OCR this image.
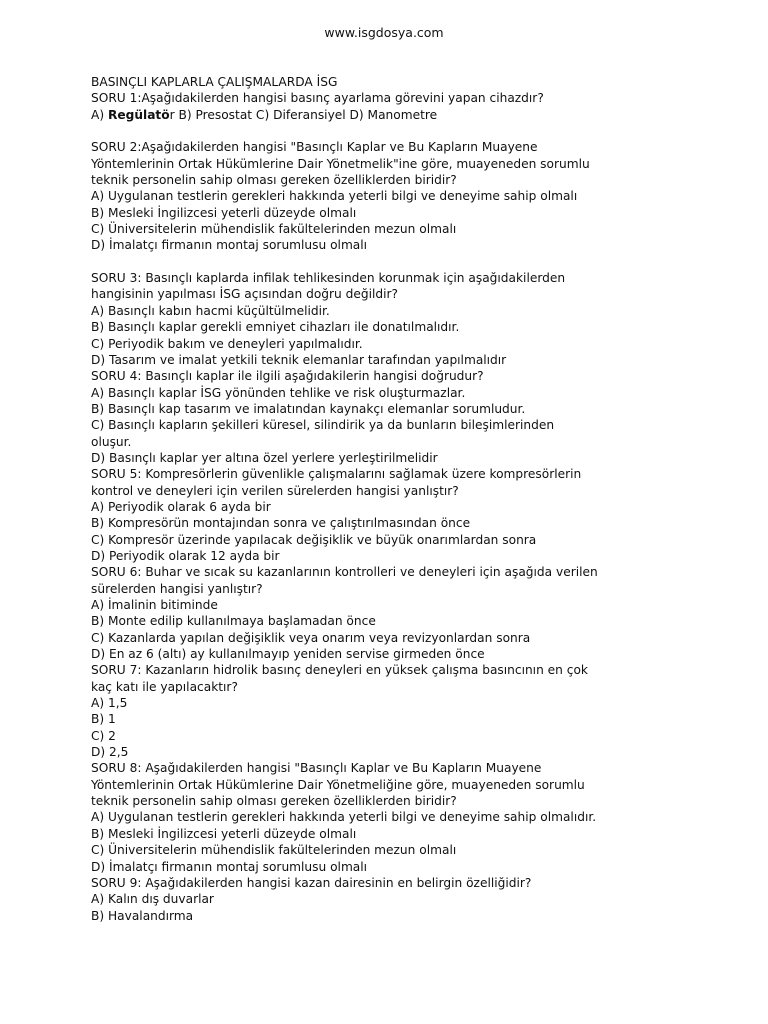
www.isgdosya.com
BASINÇLI KAPLARLA ÇALIŞMALARDA İSG
SORU 1:Aşağıdakilerden hangisi basınç ayarlama görevini yapan cihazdır?
A) Regülatör B) Presostat C) Diferansiyel D) Manometre
SORU 2:Aşağıdakilerden hangisi "Basınçlı Kaplar ve Bu Kapların Muayene
Yöntemlerinin Ortak Hükümlerine Dair Yönetmelik"ine göre, muayeneden sorumlu
teknik personelin sahip olması gereken özelliklerden biridir?
A) Uygulanan testlerin gerekleri hakkında yeterli bilgi ve deneyime sahip olmalı
B) Mesleki İngilizcesi yeterli düzeyde olmalı
C) Üniversitelerin mühendislik fakültelerinden mezun olmalı
D) İmalatçı firmanın montaj sorumlusu olmalı
SORU 3: Basınçlı kaplarda infilak tehlikesinden korunmak için aşağıdakilerden
hangisinin yapılması İSG açısından doğru değildir?
A) Basınçlı kabın hacmi küçültülmelidir.
B) Basınçlı kaplar gerekli emniyet cihazları ile donatılmalıdır.
C) Periyodik bakım ve deneyleri yapılmalıdır.
D) Tasarım ve imalat yetkili teknik elemanlar tarafından yapılmalıdır
SORU 4: Basınçlı kaplar ile ilgili aşağıdakilerin hangisi doğrudur?
A) Basınçlı kaplar İSG yönünden tehlike ve risk oluşturmazlar.
B) Basınçlı kap tasarım ve imalatından kaynakçı elemanlar sorumludur.
C) Basınçlı kapların şekilleri küresel, silindirik ya da bunların bileşimlerinden
oluşur.
D) Basınçlı kaplar yer altına özel yerlere yerleştirilmelidir
SORU 5: Kompresörlerin güvenlikle çalışmalarını sağlamak üzere kompresörlerin
kontrol ve deneyleri için verilen sürelerden hangisi yanlıştır?
A) Periyodik olarak 6 ayda bir
B) Kompresörün montajından sonra ve çalıştırılmasından önce
C) Kompresör üzerinde yapılacak değişiklik ve büyük onarımlardan sonra
D) Periyodik olarak 12 ayda bir
SORU 6: Buhar ve sıcak su kazanlarının kontrolleri ve deneyleri için aşağıda verilen
sürelerden hangisi yanlıştır?
A) İmalinin bitiminde
B) Monte edilip kullanılmaya başlamadan önce
C) Kazanlarda yapılan değişiklik veya onarım veya revizyonlardan sonra
D) En az 6 (altı) ay kullanılmayıp yeniden servise girmeden önce
SORU 7: Kazanların hidrolik basınç deneyleri en yüksek çalışma basıncının en çok
kaç katı ile yapılacaktır?
A) 1,5
B) 1
C) 2
D) 2,5
SORU 8: Aşağıdakilerden hangisi "Basınçlı Kaplar ve Bu Kapların Muayene
Yöntemlerinin Ortak Hükümlerine Dair Yönetmeliğine göre, muayeneden sorumlu
teknik personelin sahip olması gereken özelliklerden biridir?
A) Uygulanan testlerin gerekleri hakkında yeterli bilgi ve deneyime sahip olmalıdır.
B) Mesleki İngilizcesi yeterli düzeyde olmalı
C) Üniversitelerin mühendislik fakültelerinden mezun olmalı
D) İmalatçı firmanın montaj sorumlusu olmalı
SORU 9: Aşağıdakilerden hangisi kazan dairesinin en belirgin özelliğidir?
A) Kalın dış duvarlar
B) Havalandırma
